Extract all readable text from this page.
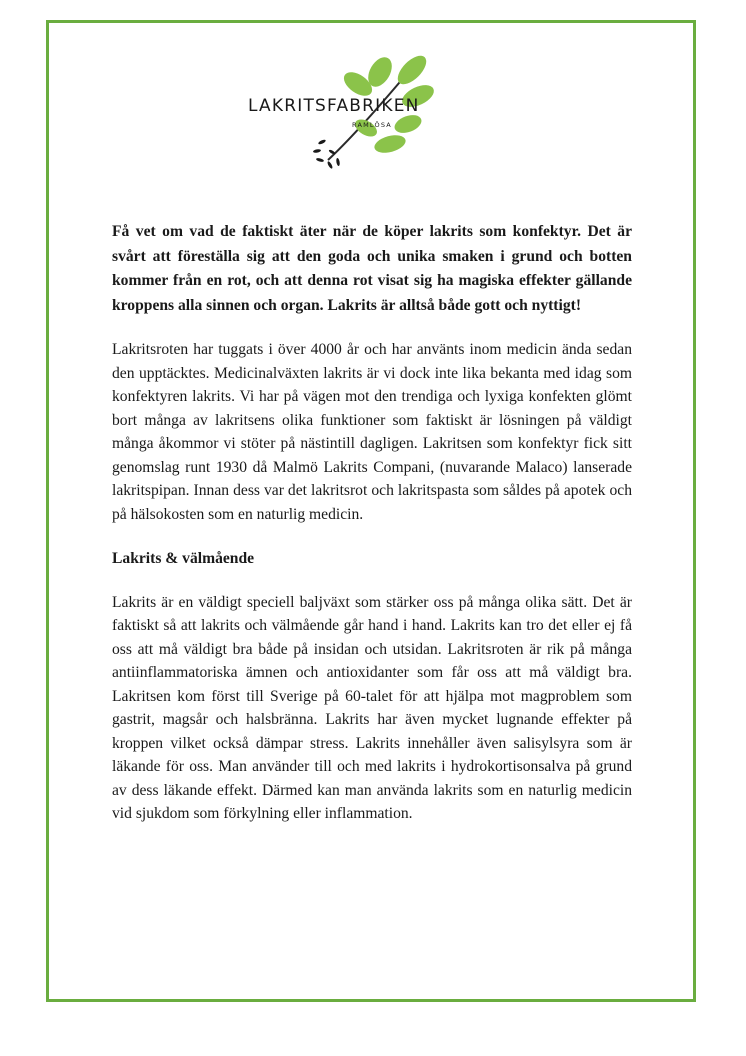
LAKRITSFABRIKEN
RAMLÖSA

Få vet om vad de faktiskt äter när de köper lakrits som konfektyr. Det är svårt att föreställa sig att den goda och unika smaken i grund och botten kommer från en rot, och att denna rot visat sig ha magiska effekter gällande kroppens alla sinnen och organ. Lakrits är alltså både gott och nyttigt!

Lakritsroten har tuggats i över 4000 år och har använts inom medicin ända sedan den upptäcktes. Medicinalväxten lakrits är vi dock inte lika bekanta med idag som konfektyren lakrits. Vi har på vägen mot den trendiga och lyxiga konfekten glömt bort många av lakritsens olika funktioner som faktiskt är lösningen på väldigt många åkommor vi stöter på nästintill dagligen. Lakritsen som konfektyr fick sitt genomslag runt 1930 då Malmö Lakrits Compani, (nuvarande Malaco) lanserade lakritspipan. Innan dess var det lakritsrot och lakritspasta som såldes på apotek och på hälsokosten som en naturlig medicin.

Lakrits & välmående

Lakrits är en väldigt speciell baljväxt som stärker oss på många olika sätt. Det är faktiskt så att lakrits och välmående går hand i hand. Lakrits kan tro det eller ej få oss att må väldigt bra både på insidan och utsidan. Lakritsroten är rik på många antiinflammatoriska ämnen och antioxidanter som får oss att må väldigt bra. Lakritsen kom först till Sverige på 60-talet för att hjälpa mot magproblem som gastrit, magsår och halsbränna. Lakrits har även mycket lugnande effekter på kroppen vilket också dämpar stress. Lakrits innehåller även salisylsyra som är läkande för oss. Man använder till och med lakrits i hydrokortisonsalva på grund av dess läkande effekt. Därmed kan man använda lakrits som en naturlig medicin vid sjukdom som förkylning eller inflammation.
